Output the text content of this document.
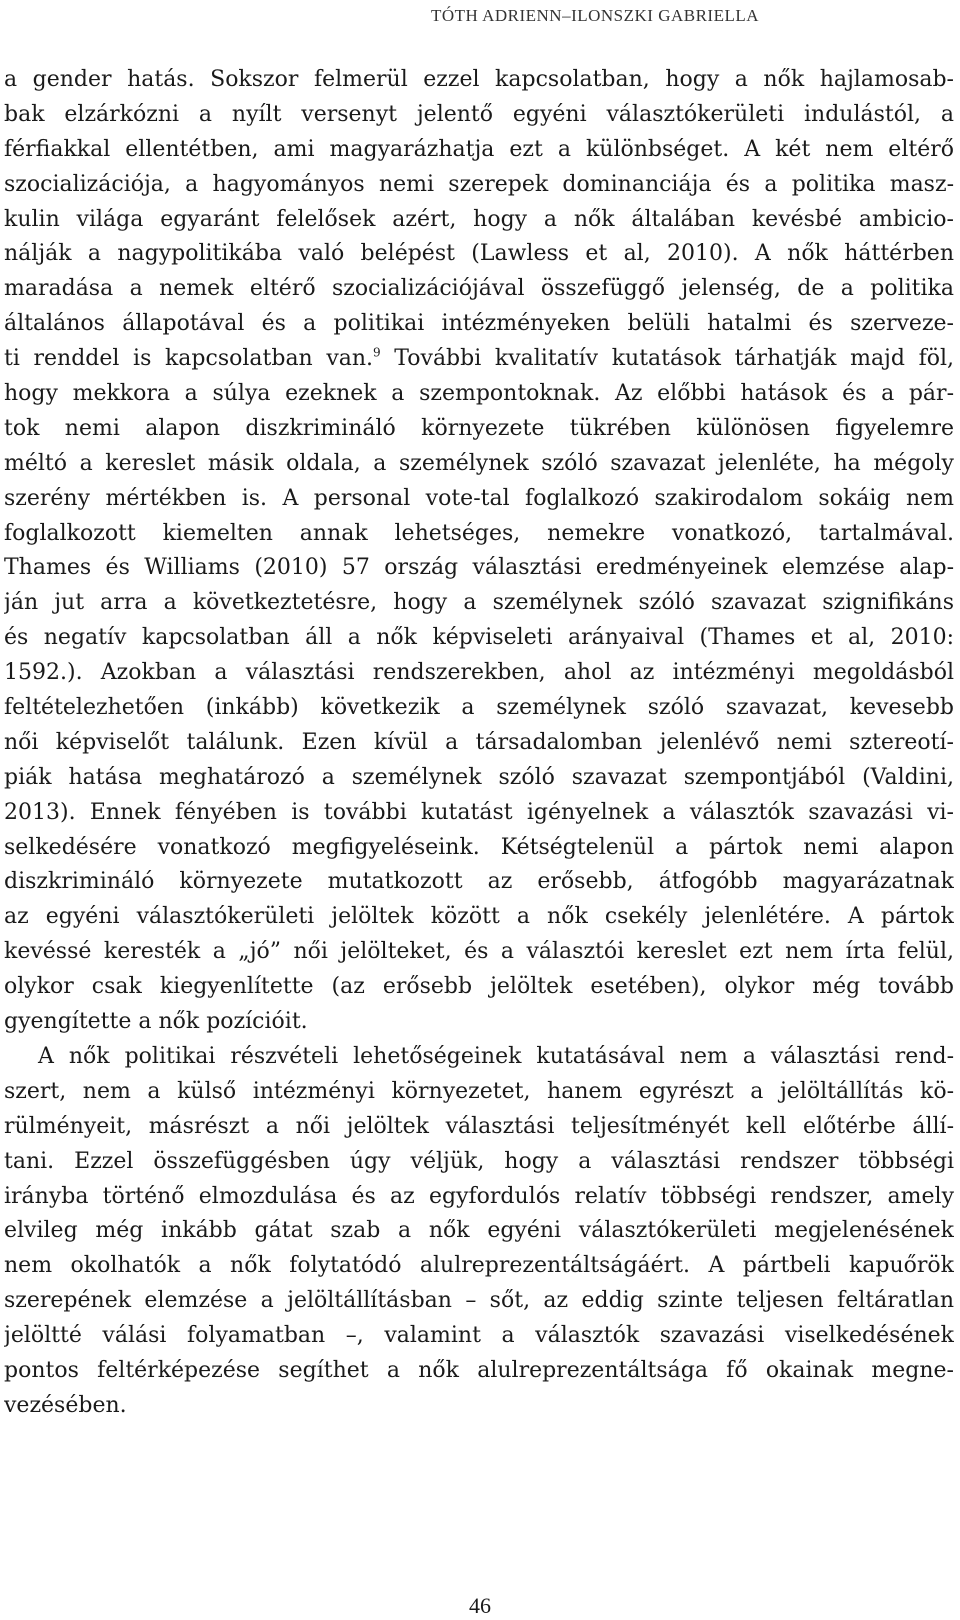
TÓTH ADRIENN–ILONSZKI GABRIELLA

a gender hatás. Sokszor felmerül ezzel kapcsolatban, hogy a nők hajlamosab-
bak elzárkózni a nyílt versenyt jelentő egyéni választókerületi indulástól, a
férfiakkal ellentétben, ami magyarázhatja ezt a különbséget. A két nem eltérő
szocializációja, a hagyományos nemi szerepek dominanciája és a politika masz-
kulin világa egyaránt felelősek azért, hogy a nők általában kevésbé ambicio-
nálják a nagypolitikába való belépést (Lawless et al, 2010). A nők háttérben
maradása a nemek eltérő szocializációjával összefüggő jelenség, de a politika
általános állapotával és a politikai intézményeken belüli hatalmi és szerveze-
ti renddel is kapcsolatban van.$^9$ További kvalitatív kutatások tárhatják majd föl,
hogy mekkora a súlya ezeknek a szempontoknak. Az előbbi hatások és a pár-
tok nemi alapon diszkrimináló környezete tükrében különösen figyelemre
méltó a kereslet másik oldala, a személynek szóló szavazat jelenléte, ha mégoly
szerény mértékben is. A personal vote-tal foglalkozó szakirodalom sokáig nem
foglalkozott kiemelten annak lehetséges, nemekre vonatkozó, tartalmával.
Thames és Williams (2010) 57 ország választási eredményeinek elemzése alap-
ján jut arra a következtetésre, hogy a személynek szóló szavazat szignifikáns
és negatív kapcsolatban áll a nők képviseleti arányaival (Thames et al, 2010:
1592.). Azokban a választási rendszerekben, ahol az intézményi megoldásból
feltételezhetően (inkább) következik a személynek szóló szavazat, kevesebb
női képviselőt találunk. Ezen kívül a társadalomban jelenlévő nemi sztereotí-
piák hatása meghatározó a személynek szóló szavazat szempontjából (Valdini,
2013). Ennek fényében is további kutatást igényelnek a választók szavazási vi-
selkedésére vonatkozó megfigyeléseink. Kétségtelenül a pártok nemi alapon
diszkrimináló környezete mutatkozott az erősebb, átfogóbb magyarázatnak
az egyéni választókerületi jelöltek között a nők csekély jelenlétére. A pártok
kevéssé keresték a „jó” női jelölteket, és a választói kereslet ezt nem írta felül,
olykor csak kiegyenlítette (az erősebb jelöltek esetében), olykor még tovább
gyengítette a nők pozícióit.

A nők politikai részvételi lehetőségeinek kutatásával nem a választási rend-
szert, nem a külső intézményi környezetet, hanem egyrészt a jelöltállítás kö-
rülményeit, másrészt a női jelöltek választási teljesítményét kell előtérbe állí-
tani. Ezzel összefüggésben úgy véljük, hogy a választási rendszer többségi
irányba történő elmozdulása és az egyfordulós relatív többségi rendszer, amely
elvileg még inkább gátat szab a nők egyéni választókerületi megjelenésének
nem okolhatók a nők folytatódó alulreprezentáltságáért. A pártbeli kapuőrök
szerepének elemzése a jelöltállításban – sőt, az eddig szinte teljesen feltáratlan
jelöltté válási folyamatban –, valamint a választók szavazási viselkedésének
pontos feltérképezése segíthet a nők alulreprezentáltsága fő okainak megne-
vezésében.

46
